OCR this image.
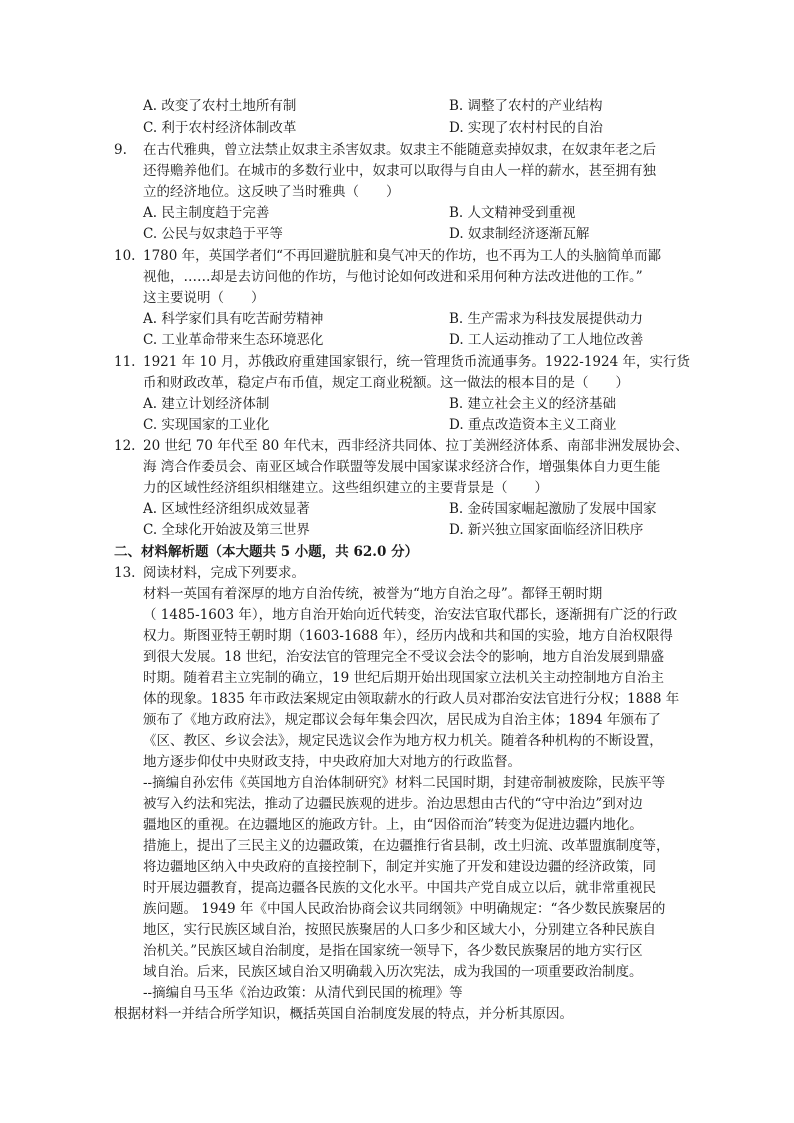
A. 改变了农村土地所有制	B. 调整了农村的产业结构
C. 利于农村经济体制改革	D. 实现了农村村民的自治
9. 在古代雅典，曾立法禁止奴隶主杀害奴隶。奴隶主不能随意卖掉奴隶，在奴隶年老之后
还得赡养他们。在城市的多数行业中，奴隶可以取得与自由人一样的薪水，甚至拥有独
立的经济地位。这反映了当时雅典（　　）
A. 民主制度趋于完善	B. 人文精神受到重视
C. 公民与奴隶趋于平等	D. 奴隶制经济逐渐瓦解
10. 1780 年，英国学者们“不再回避肮脏和臭气冲天的作坊，也不再为工人的头脑简单而鄙
视他，……却是去访问他的作坊，与他讨论如何改进和采用何种方法改进他的工作。”
这主要说明（　　）
A. 科学家们具有吃苦耐劳精神	B. 生产需求为科技发展提供动力
C. 工业革命带来生态环境恶化	D. 工人运动推动了工人地位改善
11. 1921 年 10 月，苏俄政府重建国家银行，统一管理货币流通事务。1922-1924 年，实行货
币和财政改革，稳定卢布币值，规定工商业税额。这一做法的根本目的是（　　）
A. 建立计划经济体制	B. 建立社会主义的经济基础
C. 实现国家的工业化	D. 重点改造资本主义工商业
12. 20 世纪 70 年代至 80 年代末，西非经济共同体、拉丁美洲经济体系、南部非洲发展协会、
海 湾合作委员会、南亚区域合作联盟等发展中国家谋求经济合作，增强集体自力更生能
力的区域性经济组织相继建立。这些组织建立的主要背景是（　　）
A. 区域性经济组织成效显著	B. 金砖国家崛起激励了发展中国家
C. 全球化开始波及第三世界	D. 新兴独立国家面临经济旧秩序
二、材料解析题（本大题共 5 小题，共 62.0 分）
13. 阅读材料，完成下列要求。
材料一英国有着深厚的地方自治传统，被誉为“地方自治之母”。都铎王朝时期
（ 1485-1603 年），地方自治开始向近代转变，治安法官取代郡长，逐渐拥有广泛的行政
权力。斯图亚特王朝时期（1603-1688 年），经历内战和共和国的实验，地方自治权限得
到很大发展。18 世纪，治安法官的管理完全不受议会法令的影响，地方自治发展到鼎盛
时期。随着君主立宪制的确立，19 世纪后期开始出现国家立法机关主动控制地方自治主
体的现象。1835 年市政法案规定由领取薪水的行政人员对郡治安法官进行分权；1888 年
颁布了《地方政府法》，规定郡议会每年集会四次，居民成为自治主体；1894 年颁布了
《区、教区、乡议会法》，规定民选议会作为地方权力机关。随着各种机构的不断设置，
地方逐步仰仗中央财政支持，中央政府加大对地方的行政监督。
--摘编自孙宏伟《英国地方自治体制研究》材料二民国时期，封建帝制被废除，民族平等
被写入约法和宪法，推动了边疆民族观的进步。治边思想由古代的“守中治边”到对边
疆地区的重视。在边疆地区的施政方针。上，由“因俗而治”转变为促进边疆内地化。
措施上，提出了三民主义的边疆政策，在边疆推行省县制，改土归流、改革盟旗制度等，
将边疆地区纳入中央政府的直接控制下，制定并实施了开发和建设边疆的经济政策，同
时开展边疆教育，提高边疆各民族的文化水平。中国共产党自成立以后，就非常重视民
族问题。 1949 年《中国人民政治协商会议共同纲领》中明确规定：“各少数民族聚居的
地区，实行民族区域自治，按照民族聚居的人口多少和区域大小，分别建立各种民族自
治机关。”民族区域自治制度，是指在国家统一领导下，各少数民族聚居的地方实行区
域自治。后来，民族区域自治又明确载入历次宪法，成为我国的一项重要政治制度。
--摘编自马玉华《治边政策：从清代到民国的梳理》等
根据材料一并结合所学知识，概括英国自治制度发展的特点，并分析其原因。
